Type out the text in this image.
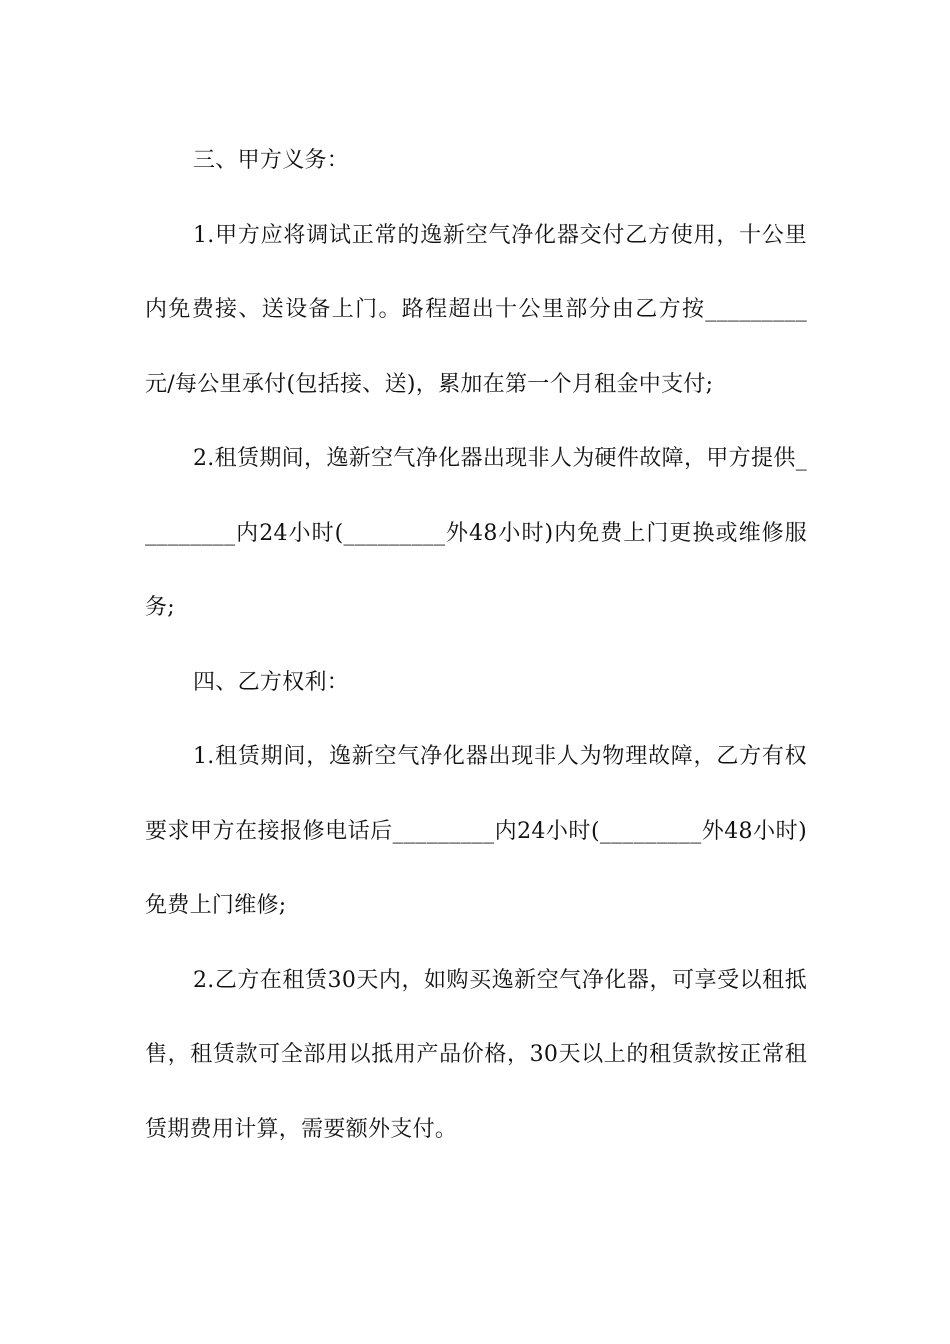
三、甲方义务：

1.甲方应将调试正常的逸新空气净化器交付乙方使用，十公里内免费接、送设备上门。路程超出十公里部分由乙方按_________元/每公里承付(包括接、送)，累加在第一个月租金中支付;

2.租赁期间，逸新空气净化器出现非人为硬件故障，甲方提供_________内24小时(_________外48小时)内免费上门更换或维修服务;

四、乙方权利：

1.租赁期间，逸新空气净化器出现非人为物理故障，乙方有权要求甲方在接报修电话后_________内24小时(_________外48小时)免费上门维修;

2.乙方在租赁30天内，如购买逸新空气净化器，可享受以租抵售，租赁款可全部用以抵用产品价格，30天以上的租赁款按正常租赁期费用计算，需要额外支付。
